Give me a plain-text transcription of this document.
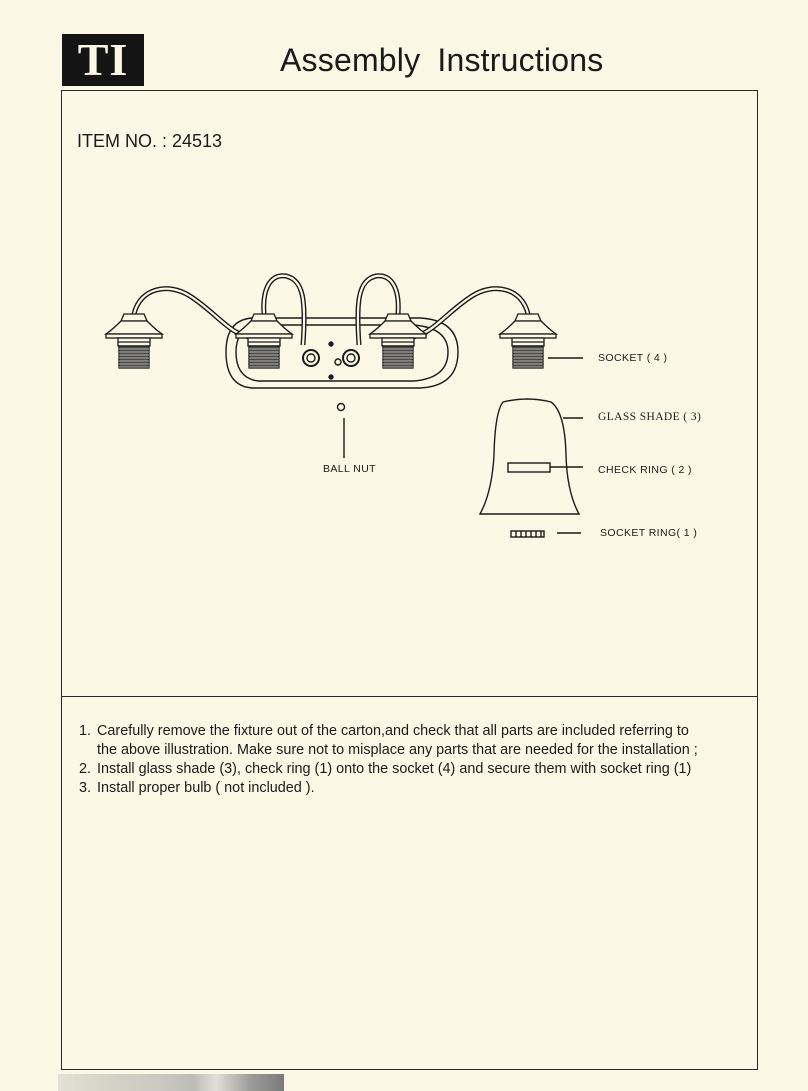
TI	Assembly Instructions
ITEM NO. : 24513
SOCKET ( 4 )
GLASS SHADE ( 3)
CHECK RING ( 2 )
SOCKET RING( 1 )
BALL NUT
1. Carefully remove the fixture out of the carton,and check that all parts are included referring to
the above illustration. Make sure not to misplace any parts that are needed for the installation ;
2. Install glass shade (3), check ring (1) onto the socket (4) and secure them with socket ring (1)
3. Install proper bulb ( not included ).
